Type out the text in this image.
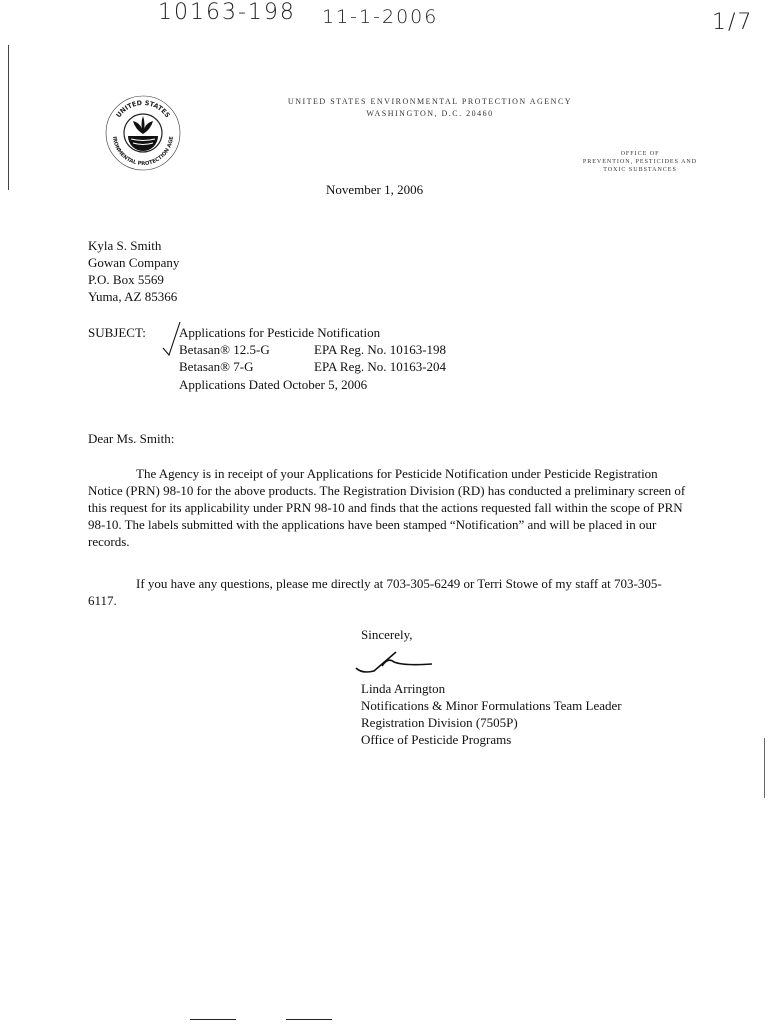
10163-198 11-1-2006	1/7
UNITED STATES
IRONMENTAL PROTECTION AGE
UNITED STATES ENVIRONMENTAL PROTECTION AGENCY
WASHINGTON, D.C. 20460
OFFICE OF
PREVENTION, PESTICIDES AND
TOXIC SUBSTANCES
November 1, 2006
Kyla S. Smith
Gowan Company
P.O. Box 5569
Yuma, AZ 85366
SUBJECT:	Applications for Pesticide Notification
Betasan® 12.5-G	EPA Reg. No. 10163-198
Betasan® 7-G	EPA Reg. No. 10163-204
Applications Dated October 5, 2006
Dear Ms. Smith:
The Agency is in receipt of your Applications for Pesticide Notification under Pesticide Registration Notice (PRN) 98-10 for the above products. The Registration Division (RD) has conducted a preliminary screen of this request for its applicability under PRN 98-10 and finds that the actions requested fall within the scope of PRN 98-10. The labels submitted with the applications have been stamped “Notification” and will be placed in our records.
If you have any questions, please me directly at 703-305-6249 or Terri Stowe of my staff at 703-305-6117.
Sincerely,
Linda Arrington
Notifications & Minor Formulations Team Leader
Registration Division (7505P)
Office of Pesticide Programs
